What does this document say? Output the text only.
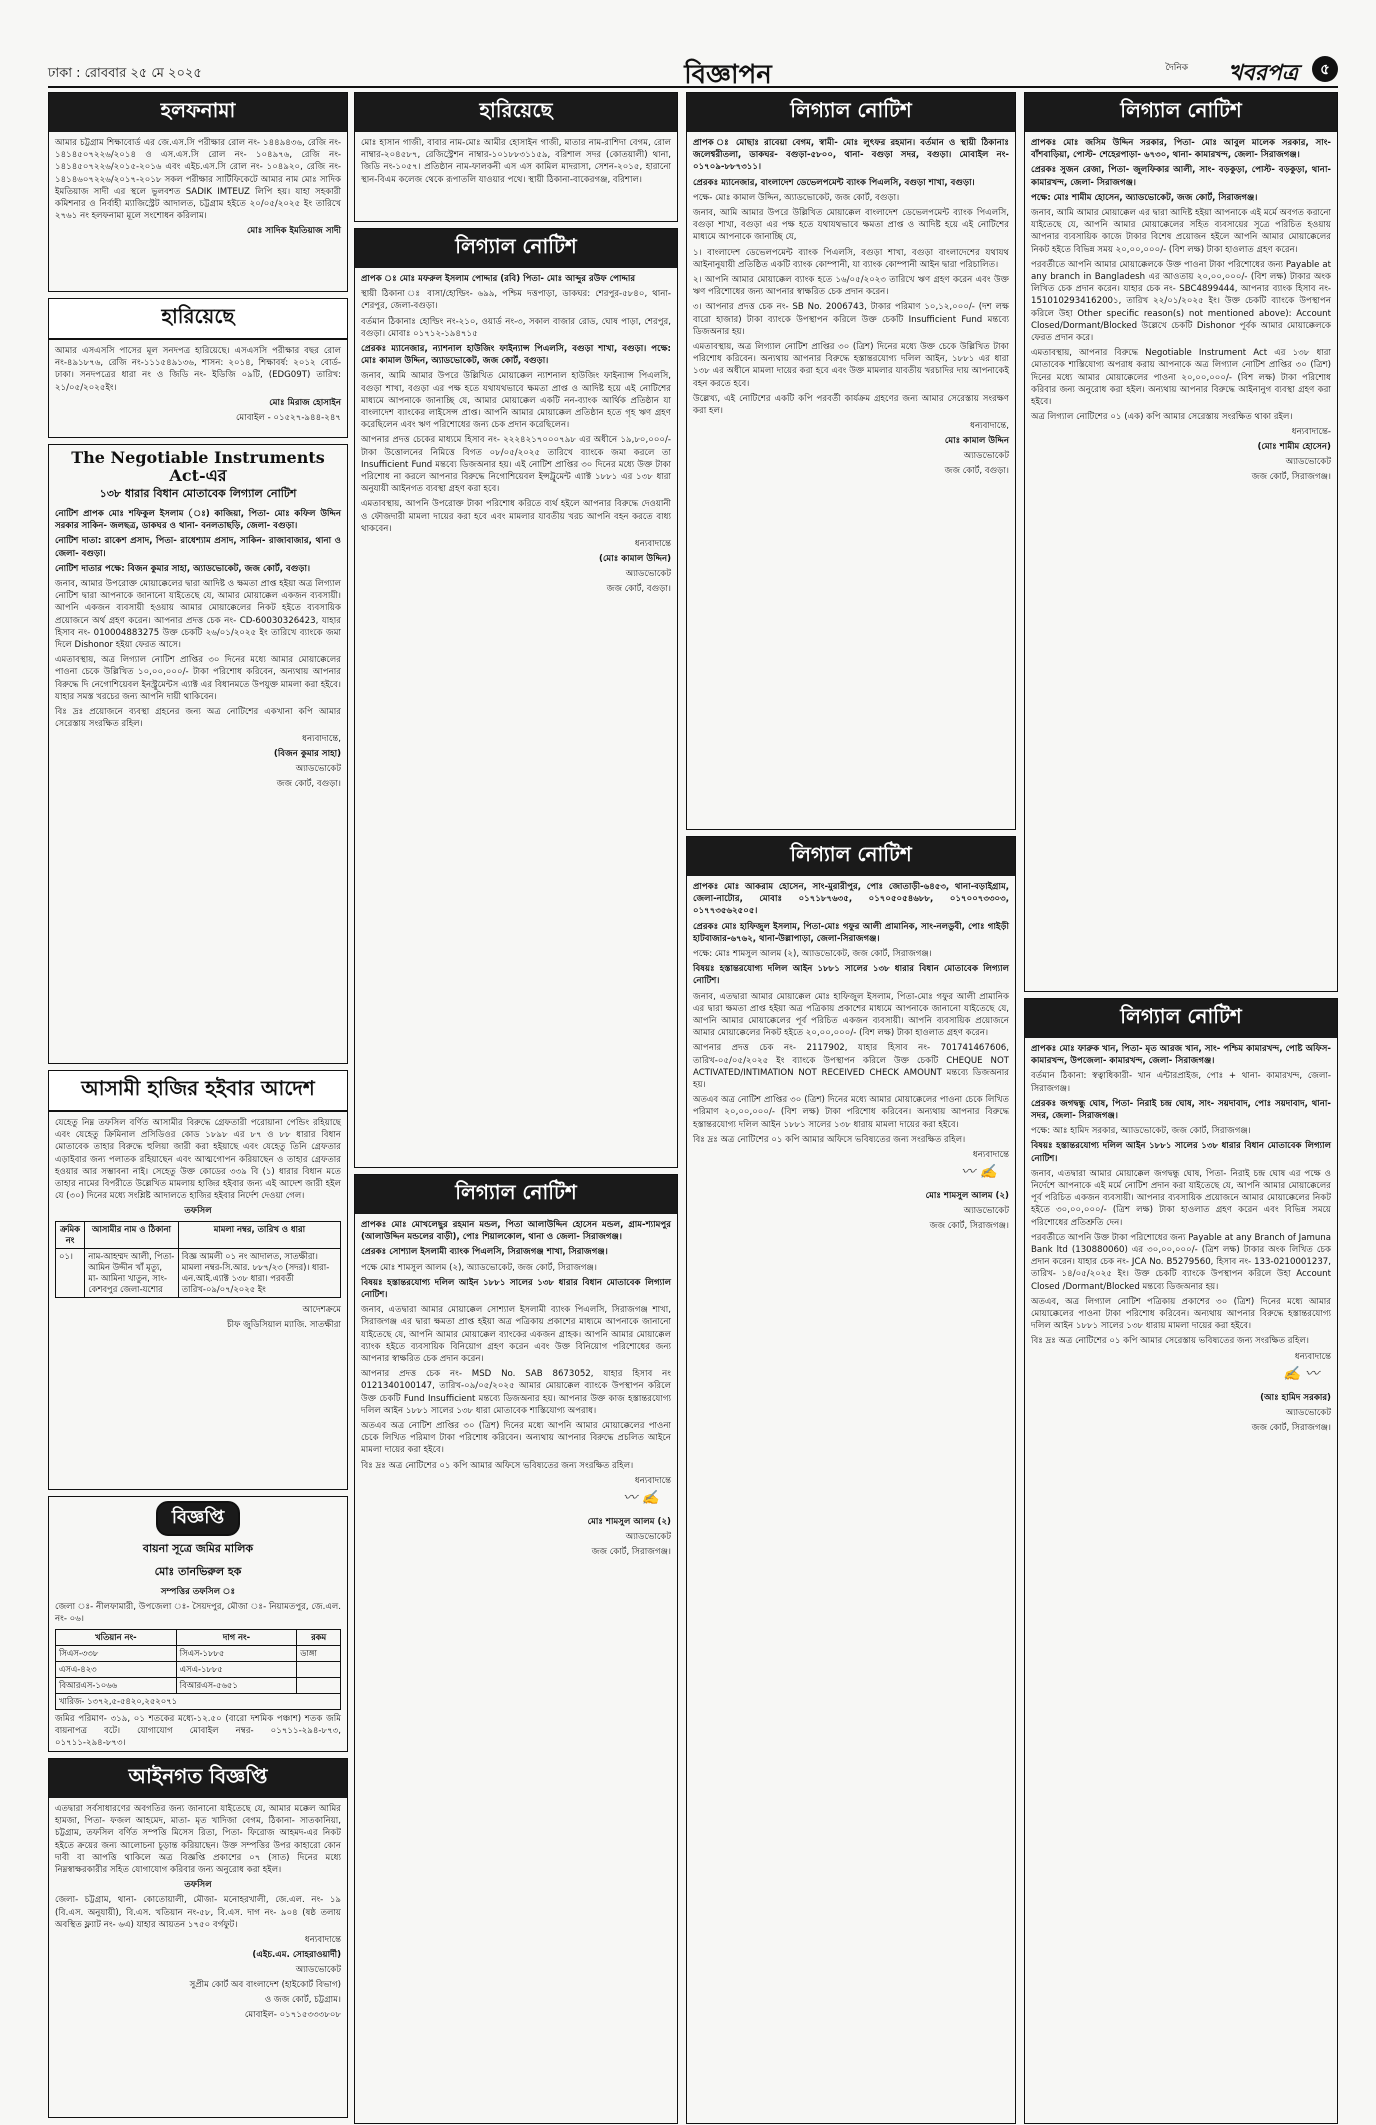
ঢাকা : রোববার ২৫ মে ২০২৫	বিজ্ঞাপন	দৈনিক খবরপত্র	৫
হলফনামা
আমার চট্টগ্রাম শিক্ষাবোর্ড এর জে.এস.সি পরীক্ষার রোল নং- ১৪৪৯৪৩৬, রেজি নং- ১৪১৪৫০৭২২৬/২০১৪ ও এস.এস.সি রোল নং- ১০৪৯৭৬, রেজি নং- ১৪১৪৫০৭২২৬/২০১৫-২০১৬ এবং এইচ.এস.সি রোল নং- ১০৪৯২০, রেজি নং- ১৪১৪৬০৭২২৬/২০১৭-২০১৮ সকল পরীক্ষার সার্টিফিকেটে আমার নাম মোঃ সাদিক ইমতিয়াজ সাদী এর স্থলে ভুলবশত SADIK IMTEUZ লিপি হয়। যাহা সহকারী কমিশনার ও নির্বাহী ম্যাজিস্ট্রেট আদালত, চট্টগ্রাম হইতে ২০/০৫/২০২৫ ইং তারিখে ২৭৬১ নং হলফনামা মূলে সংশোধন করিলাম।
মোঃ সাদিক ইমতিয়াজ সাদী
হারিয়েছে
আমার এসএসসি পাসের মূল সনদপত্র হারিয়েছে। এসএসসি পরীক্ষার বছর রোল নং-৪৯১৮৭৬, রেজি নং-১১১৫৪৯১৩৬, শাসন: ২০১৪, শিক্ষাবর্ষ: ২০১২ বোর্ড- ঢাকা। সনদপত্রের ধারা নং ও জিডি নং- ইডিজি ০৯টি, (EDG09T) তারিখ: ২১/০৫/২০২৫ইং।
মোঃ মিরাজ হোসাইন
মোবাইল - ০১৫২৭-৯৪৪-২৪৭
The Negotiable Instruments Act-এর
১৩৮ ধারার বিধান মোতাবেক লিগ্যাল নোটিশ
নোটিশ প্রাপক মোঃ শফিকুল ইসলাম (ঃ) কাজিয়া, পিতা- মোঃ কফিল উদ্দিন সরকার সাকিন- জলছত্র, ডাকঘর ও থানা- বনলতাছড়ি, জেলা- বগুড়া।
নোটিশ দাতা: রাকেশ প্রসাদ, পিতা- রাধেশ্যাম প্রসাদ, সাকিন- রাজাবাজার, থানা ও জেলা- বগুড়া।
নোটিশ দাতার পক্ষে: বিজন কুমার সাহা, অ্যাডভোকেট, জজ কোর্ট, বগুড়া।
জনাব, আমার উপরোক্ত মোয়াক্কেলের দ্বারা আদিষ্ট ও ক্ষমতা প্রাপ্ত হইয়া অত্র লিগ্যাল নোটিশ দ্বারা আপনাকে জানানো যাইতেছে যে, আমার মোয়াক্কেল একজন ব্যবসায়ী। আপনি একজন ব্যবসায়ী হওয়ায় আমার মোয়াক্কেলের নিকট হইতে ব্যবসায়িক প্রয়োজনে অর্থ গ্রহণ করেন। আপনার প্রদত্ত চেক নং- CD-60030326423, যাহার হিসাব নং- 010004883275 উক্ত চেকটি ২৬/০১/২০২৫ ইং তারিখে ব্যাংকে জমা দিলে Dishonor হইয়া ফেরত আসে।
এমতাবস্থায়, অত্র লিগ্যাল নোটিশ প্রাপ্তির ৩০ দিনের মধ্যে আমার মোয়াক্কেলের পাওনা চেকে উল্লিখিত ১০,০০,০০০/- টাকা পরিশোধ করিবেন, অন্যথায় আপনার বিরুদ্ধে দি নেগোশিয়েবল ইনস্ট্রুমেন্টস এ্যাক্ট এর বিধানমতে উপযুক্ত মামলা করা হইবে। যাহার সমস্ত খরচের জন্য আপনি দায়ী থাকিবেন।
বিঃ দ্রঃ প্রয়োজনে ব্যবস্থা গ্রহনের জন্য অত্র নোটিশের একখানা কপি আমার সেরেস্তায় সংরক্ষিত রহিল।
ধন্যবাদান্তে,
(বিজন কুমার সাহা)
অ্যাডভোকেট
জজ কোর্ট, বগুড়া।
আসামী হাজির হইবার আদেশ
যেহেতু নিম্ন তফসিল বর্ণিত আসামীর বিরুদ্ধে গ্রেফতারী পরোয়ানা পেন্ডিং রহিয়াছে এবং যেহেতু ক্রিমিনাল প্রসিডিওর কোড ১৮৯৮ এর ৮৭ ও ৮৮ ধারার বিধান মোতাবেক তাহার বিরুদ্ধে হুলিয়া জারী করা হইয়াছে এবং যেহেতু তিনি গ্রেফতার এড়াইবার জন্য পলাতক রহিয়াছেন এবং আত্মগোপন করিয়াছেন ও তাহার গ্রেফতার হওয়ার আর সম্ভাবনা নাই। সেহেতু উক্ত কোডের ৩৩৯ বি (১) ধারার বিধান মতে তাহার নামের বিপরীতে উল্লেখিত মামলায় হাজির হইবার জন্য এই আদেশ জারী হইল যে (৩০) দিনের মধ্যে সংশ্লিষ্ট আদালতে হাজির হইবার নির্দেশ দেওয়া গেল।
তফসিল
ক্রমিক নং	আসামীর নাম ও ঠিকানা	মামলা নম্বর, তারিখ ও ধারা
০১।	নাম-আহম্মদ আলী, পিতা- আমিন উদ্দীন খাঁ মৃত্যু, মা- আমিনা খাতুন, সাং-কেশবপুর জেলা-যশোর	বিজ্ঞ আমলী ০১ নং আদালত, সাতক্ষীরা। মামলা নম্বর-সি.আর. ৮৮৭/২৩ (সদর)। ধারা- এন.আই.এ্যাক্ট ১৩৮ ধারা। পরবর্তী তারিখ-০৯/০৭/২০২৫ ইং
আদেশক্রমে
চীফ জুডিসিয়াল ম্যাজি. সাতক্ষীরা
বিজ্ঞপ্তি
বায়না সূত্রে জমির মালিক
মোঃ তানভিরুল হক
সম্পত্তির তফসিল ঃ
জেলা ঃ- নীলফামারী, উপজেলা ঃ- সৈয়দপুর, মৌজা ঃ- নিয়ামতপুর, জে.এল. নং- ০৬।
খতিয়ান নং-	দাগ নং-	রকম
সিএস-৩৩৮	সিএস-১৮৮৫	ডাঙ্গা
এসএ-৪২৩	এসএ-১৮৮৫	
বিআরএস-১০৬৬	বিআরএস-৫৬৫১	
খারিজ- ১৩৭২,৫-৫৪২০,২৫২০৭১		
জমির পরিমাণ- ৩১৯, ০১ শতকের মধ্যে-১২.৫০ (বারো দশমিক পঞ্চাশ) শতক জমি বায়নাপত্র বটে। যোগাযোগ মোবাইল নম্বর- ০১৭১১-২৯৪-৮৭৩, ০১৭১১-২৯৪-৮৭৩।
আইনগত বিজ্ঞপ্তি
এতদ্বারা সর্বসাধারণের অবগতির জন্য জানানো যাইতেছে যে, আমার মক্কেল আমির হামজা, পিতা- ফজল আহমেদ, মাতা- মৃত খাদিজা বেগম, ঠিকানা- সাতকানিয়া, চট্টগ্রাম, তফসিল বর্ণিত সম্পত্তি মিসেস রিতা, পিতা- ফিরোজ আহমদ-এর নিকট হইতে ক্রয়ের জন্য আলোচনা চূড়ান্ত করিয়াছেন। উক্ত সম্পত্তির উপর কাহারো কোন দাবী বা আপত্তি থাকিলে অত্র বিজ্ঞপ্তি প্রকাশের ০৭ (সাত) দিনের মধ্যে নিম্নস্বাক্ষরকারীর সহিত যোগাযোগ করিবার জন্য অনুরোধ করা হইল।
তফসিল
জেলা- চট্টগ্রাম, থানা- কোতোয়ালী, মৌজা- মনোহরখালী, জে.এল. নং- ১৯ (বি.এস. অনুযায়ী), বি.এস. খতিয়ান নং-৫৮, বি.এস. দাগ নং- ৯০৪ (ষষ্ঠ তলায় অবস্থিত ফ্ল্যাট নং- ৬এ) যাহার আয়তন ১৭৫০ বর্গফুট।
ধন্যবাদান্তে
(এইচ.এম. সোহরাওয়ার্দী)
অ্যাডভোকেট
সুপ্রীম কোর্ট অব বাংলাদেশ (হাইকোর্ট বিভাগ)
ও জজ কোর্ট, চট্টগ্রাম।
মোবাইল- ০১৭১৫৩৩৩৮০৮
হারিয়েছে
মোঃ হাসান গাজী, বাবার নাম-মোঃ আমীর হোসাইন গাজী, মাতার নাম-রাশিদা বেগম, রোল নাম্বার-২০৪৫৮৭, রেজিস্ট্রেশন নাম্বার-১০১৮৮৩১১৫৯, বরিশাল সদর (কোতয়ালী) থানা, জিডি নং-১০৫৭। প্রতিষ্ঠান নাম-ফালকনী এস এস কামিল মাদরাসা, সেশন-২০১৫, হারানো স্থান-বিএম কলেজ থেকে রূপাতলি যাওয়ার পথে। স্থায়ী ঠিকানা-বাকেরগঞ্জ, বরিশাল।
লিগ্যাল নোটিশ
প্রাপক ঃ মোঃ মফরুল ইসলাম পোদ্দার (রবি) পিতা- মোঃ আব্দুর রউফ পোদ্দার
স্থায়ী ঠিকানা ঃ বাসা/হোল্ডিং- ৬৯৯, পশ্চিম দত্তপাড়া, ডাকঘর: শেরপুর-৫৮৪০, থানা-শেরপুর, জেলা-বগুড়া।
বর্তমান ঠিকানাঃ হোল্ডিং নং-২১০, ওয়ার্ড নং-৩, সকাল বাজার রোড, ঘোষ পাড়া, শেরপুর, বগুড়া। মোবাঃ ০১৭১২-১৯৪৭১৫
প্রেরকঃ ম্যানেজার, ন্যাশনাল হাউজিং ফাইন্যান্স পিএলসি, বগুড়া শাখা, বগুড়া। পক্ষে: মোঃ কামাল উদ্দিন, অ্যাডভোকেট, জজ কোর্ট, বগুড়া।
জনাব, আমি আমার উপরে উল্লিখিত মোয়াক্কেল ন্যাশনাল হাউজিং ফাইন্যান্স পিএলসি, বগুড়া শাখা, বগুড়া এর পক্ষ হতে যথাযথভাবে ক্ষমতা প্রাপ্ত ও আদিষ্ট হয়ে এই নোটিশের মাধ্যমে আপনাকে জানাচ্ছি যে, আমার মোয়াক্কেল একটি নন-ব্যাংক আর্থিক প্রতিষ্ঠান যা বাংলাদেশ ব্যাংকের লাইসেন্স প্রাপ্ত। আপনি আমার মোয়াক্কেল প্রতিষ্ঠান হতে গৃহ ঋণ গ্রহণ করেছিলেন এবং ঋণ পরিশোধের জন্য চেক প্রদান করেছিলেন।
আপনার প্রদত্ত চেকের মাধ্যমে হিসাব নং- ২২২৪২১৭০০০৭৯৮ এর অধীনে ১৯,৮০,০০০/- টাকা উত্তোলনের নিমিত্তে বিগত ০৮/০৫/২০২৫ তারিখে ব্যাংকে জমা করলে তা Insufficient Fund মন্তব্যে ডিজঅনার হয়। এই নোটিশ প্রাপ্তির ৩০ দিনের মধ্যে উক্ত টাকা পরিশোধ না করলে আপনার বিরুদ্ধে নিগোশিয়েবল ইন্সট্রুমেন্ট এ্যাক্ট ১৮৮১ এর ১৩৮ ধারা অনুযায়ী আইনগত ব্যবস্থা গ্রহণ করা হবে।
এমতাবস্থায়, আপনি উপরোক্ত টাকা পরিশোধ করিতে ব্যর্থ হইলে আপনার বিরুদ্ধে দেওয়ানী ও ফৌজদারী মামলা দায়ের করা হবে এবং মামলার যাবতীয় খরচ আপনি বহন করতে বাধ্য থাকবেন।
ধন্যবাদান্তে
(মোঃ কামাল উদ্দিন)
অ্যাডভোকেট
জজ কোর্ট, বগুড়া।
লিগ্যাল নোটিশ
প্রাপকঃ মোঃ মোখলেছুর রহমান মন্ডল, পিতা আলাউদ্দিন হোসেন মন্ডল, গ্রাম-শ্যামপুর (আলাউদ্দিন মন্ডলের বাড়ী), পোঃ শিয়ালকোল, থানা ও জেলা- সিরাজগঞ্জ।
প্রেরকঃ সোশ্যাল ইসলামী ব্যাংক পিএলসি, সিরাজগঞ্জ শাখা, সিরাজগঞ্জ।
পক্ষে মোঃ শামসুল আলম (২), অ্যাডভোকেট, জজ কোর্ট, সিরাজগঞ্জ।
বিষয়ঃ হস্তান্তরযোগ্য দলিল আইন ১৮৮১ সালের ১৩৮ ধারার বিধান মোতাবেক লিগ্যাল নোটিশ।
জনাব, এতদ্বারা আমার মোয়াক্কেল সোশ্যাল ইসলামী ব্যাংক পিএলসি, সিরাজগঞ্জ শাখা, সিরাজগঞ্জ এর দ্বারা ক্ষমতা প্রাপ্ত হইয়া অত্র পত্রিকায় প্রকাশের মাধ্যমে আপনাকে জানানো যাইতেছে যে, আপনি আমার মোয়াক্কেল ব্যাংকের একজন গ্রাহক। আপনি আমার মোয়াক্কেল ব্যাংক হইতে ব্যবসায়িক বিনিয়োগ গ্রহণ করেন এবং উক্ত বিনিয়োগ পরিশোধের জন্য আপনার স্বাক্ষরিত চেক প্রদান করেন।
আপনার প্রদত্ত চেক নং- MSD No. SAB 8673052, যাহার হিসাব নং 0121340100147, তারিখ-০৯/০৫/২০২৫ আমার মোয়াক্কেল ব্যাংকে উপস্থাপন করিলে উক্ত চেকটি Fund Insufficient মন্তব্যে ডিজঅনার হয়। আপনার উক্ত কাজ হস্তান্তরযোগ্য দলিল আইন ১৮৮১ সালের ১৩৮ ধারা মোতাবেক শাস্তিযোগ্য অপরাধ।
অতএব অত্র নোটিশ প্রাপ্তির ৩০ (ত্রিশ) দিনের মধ্যে আপনি আমার মোয়াক্কেলের পাওনা চেকে লিখিত পরিমাণ টাকা পরিশোধ করিবেন। অন্যথায় আপনার বিরুদ্ধে প্রচলিত আইনে মামলা দায়ের করা হইবে।
বিঃ দ্রঃ অত্র নোটিশের ০১ কপি আমার অফিসে ভবিষ্যতের জন্য সংরক্ষিত রহিল।
ধন্যবাদান্তে
〰︎ ✍
মোঃ শামসুল আলম (২)
অ্যাডভোকেট
জজ কোর্ট, সিরাজগঞ্জ।
লিগ্যাল নোটিশ
প্রাপক ঃ মোছাঃ রাবেয়া বেগম, স্বামী- মোঃ লুৎফর রহমান। বর্তমান ও স্থায়ী ঠিকানাঃ জলেশ্বরীতলা, ডাকঘর- বগুড়া-৫৮০০, থানা- বগুড়া সদর, বগুড়া। মোবাইল নং- ০১৭০৯-৮৮৭৩১১।
প্রেরকঃ ম্যানেজার, বাংলাদেশ ডেভেলপমেন্ট ব্যাংক পিএলসি, বগুড়া শাখা, বগুড়া।
পক্ষে- মোঃ কামাল উদ্দিন, অ্যাডভোকেট, জজ কোর্ট, বগুড়া।
জনাব, আমি আমার উপরে উল্লিখিত মোয়াক্কেল বাংলাদেশ ডেভেলপমেন্ট ব্যাংক পিএলসি, বগুড়া শাখা, বগুড়া এর পক্ষ হতে যথাযথভাবে ক্ষমতা প্রাপ্ত ও আদিষ্ট হয়ে এই নোটিশের মাধ্যমে আপনাকে জানাচ্ছি যে,
১। বাংলাদেশ ডেভেলপমেন্ট ব্যাংক পিএলসি, বগুড়া শাখা, বগুড়া বাংলাদেশের যথাযথ আইনানুযায়ী প্রতিষ্ঠিত একটি ব্যাংক কোম্পানী, যা ব্যাংক কোম্পানী আইন দ্বারা পরিচালিত।
২। আপনি আমার মোয়াক্কেল ব্যাংক হতে ১৬/০৫/২০২৩ তারিখে ঋণ গ্রহণ করেন এবং উক্ত ঋণ পরিশোধের জন্য আপনার স্বাক্ষরিত চেক প্রদান করেন।
৩। আপনার প্রদত্ত চেক নং- SB No. 2006743, টাকার পরিমাণ ১০,১২,০০০/- (দশ লক্ষ বারো হাজার) টাকা ব্যাংকে উপস্থাপন করিলে উক্ত চেকটি Insufficient Fund মন্তব্যে ডিজঅনার হয়।
এমতাবস্থায়, অত্র লিগ্যাল নোটিশ প্রাপ্তির ৩০ (ত্রিশ) দিনের মধ্যে উক্ত চেকে উল্লিখিত টাকা পরিশোধ করিবেন। অন্যথায় আপনার বিরুদ্ধে হস্তান্তরযোগ্য দলিল আইন, ১৮৮১ এর ধারা ১৩৮ এর অধীনে মামলা দায়ের করা হবে এবং উক্ত মামলার যাবতীয় খরচাদির দায় আপনাকেই বহন করতে হবে।
উল্লেখ্য, এই নোটিশের একটি কপি পরবর্তী কার্যক্রম গ্রহণের জন্য আমার সেরেস্তায় সংরক্ষণ করা হল।
ধন্যবাদান্তে,
মোঃ কামাল উদ্দিন
অ্যাডভোকেট
জজ কোর্ট, বগুড়া।
লিগ্যাল নোটিশ
প্রাপকঃ মোঃ আকরাম হোসেন, সাং-মুরারীপুর, পোঃ জোতাড়ী-৬৪৫৩, থানা-বড়াইগ্রাম, জেলা-নাটোর, মোবাঃ ০১৭১৮৭৬৩৫, ০১৭০৫০৫৪৬৮৮, ০১৭০০৭৩৩০৩, ০১৭৭৩৫৬২৫০৫।
প্রেরকঃ মোঃ হাফিজুল ইসলাম, পিতা-মোঃ গফুর আলী প্রামানিক, সাং-নলডুবী, পোঃ গাইড়ী হাটবাজার-৬৭৬২, থানা-উল্লাপাড়া, জেলা-সিরাজগঞ্জ।
পক্ষে: মোঃ শামসুল আলম (২), অ্যাডভোকেট, জজ কোর্ট, সিরাজগঞ্জ।
বিষয়ঃ হস্তান্তরযোগ্য দলিল আইন ১৮৮১ সালের ১৩৮ ধারার বিধান মোতাবেক লিগ্যাল নোটিশ।
জনাব, এতদ্বারা আমার মোয়াক্কেল মোঃ হাফিজুল ইসলাম, পিতা-মোঃ গফুর আলী প্রামানিক এর দ্বারা ক্ষমতা প্রাপ্ত হইয়া অত্র পত্রিকায় প্রকাশের মাধ্যমে আপনাকে জানানো যাইতেছে যে, আপনি আমার মোয়াক্কেলের পূর্ব পরিচিত একজন ব্যবসায়ী। আপনি ব্যবসায়িক প্রয়োজনে আমার মোয়াক্কেলের নিকট হইতে ২০,০০,০০০/- (বিশ লক্ষ) টাকা হাওলাত গ্রহণ করেন।
আপনার প্রদত্ত চেক নং- 2117902, যাহার হিসাব নং- 701741467606, তারিখ-০৫/০৫/২০২৫ ইং ব্যাংকে উপস্থাপন করিলে উক্ত চেকটি CHEQUE NOT ACTIVATED/INTIMATION NOT RECEIVED CHECK AMOUNT মন্তব্যে ডিজঅনার হয়।
অতএব অত্র নোটিশ প্রাপ্তির ৩০ (ত্রিশ) দিনের মধ্যে আমার মোয়াক্কেলের পাওনা চেকে লিখিত পরিমাণ ২০,০০,০০০/- (বিশ লক্ষ) টাকা পরিশোধ করিবেন। অন্যথায় আপনার বিরুদ্ধে হস্তান্তরযোগ্য দলিল আইন ১৮৮১ সালের ১৩৮ ধারায় মামলা দায়ের করা হইবে।
বিঃ দ্রঃ অত্র নোটিশের ০১ কপি আমার অফিসে ভবিষ্যতের জন্য সংরক্ষিত রহিল।
ধন্যবাদান্তে
〰︎ ✍
মোঃ শামসুল আলম (২)
অ্যাডভোকেট
জজ কোর্ট, সিরাজগঞ্জ।
লিগ্যাল নোটিশ
প্রাপকঃ মোঃ জসিম উদ্দিন সরকার, পিতা- মোঃ আবুল মালেক সরকার, সাং- বাঁশবাড়িয়া, পোস্ট- শেহেরপাড়া- ৬৭৩০, থানা- কামারখন্দ, জেলা- সিরাজগঞ্জ।
প্রেরকঃ সুজন রেজা, পিতা- জুলফিকার আলী, সাং- বড়কুড়া, পোস্ট- বড়কুড়া, থানা- কামারখন্দ, জেলা- সিরাজগঞ্জ।
পক্ষে: মোঃ শামীম হোসেন, অ্যাডভোকেট, জজ কোর্ট, সিরাজগঞ্জ।
জনাব, আমি আমার মোয়াক্কেল এর দ্বারা আদিষ্ট হইয়া আপনাকে এই মর্মে অবগত করানো যাইতেছে যে, আপনি আমার মোয়াক্কেলের সহিত ব্যবসায়ের সূত্রে পরিচিত হওয়ায় আপনার ব্যবসায়িক কাজে টাকার বিশেষ প্রয়োজন হইলে আপনি আমার মোয়াক্কেলের নিকট হইতে বিভিন্ন সময় ২০,০০,০০০/- (বিশ লক্ষ) টাকা হাওলাত গ্রহণ করেন।
পরবর্তীতে আপনি আমার মোয়াক্কেলকে উক্ত পাওনা টাকা পরিশোধের জন্য Payable at any branch in Bangladesh এর আওতায় ২০,০০,০০০/- (বিশ লক্ষ) টাকার অংক লিখিত চেক প্রদান করেন। যাহার চেক নং- SBC4899444, আপনার ব্যাংক হিসাব নং- 151010293416200১, তারিখ ২২/০১/২০২৫ ইং। উক্ত চেকটি ব্যাংকে উপস্থাপন করিলে উহা Other specific reason(s) not mentioned above): Account Closed/Dormant/Blocked উল্লেখে চেকটি Dishonor পূর্বক আমার মোয়াক্কেলকে ফেরত প্রদান করে।
এমতাবস্থায়, আপনার বিরুদ্ধে Negotiable Instrument Act এর ১৩৮ ধারা মোতাবেক শাস্তিযোগ্য অপরাধ করায় আপনাকে অত্র লিগ্যাল নোটিশ প্রাপ্তির ৩০ (ত্রিশ) দিনের মধ্যে আমার মোয়াক্কেলের পাওনা ২০,০০,০০০/- (বিশ লক্ষ) টাকা পরিশোধ করিবার জন্য অনুরোধ করা হইল। অন্যথায় আপনার বিরুদ্ধে আইনানুগ ব্যবস্থা গ্রহণ করা হইবে।
অত্র লিগ্যাল নোটিশের ০১ (এক) কপি আমার সেরেস্তায় সংরক্ষিত থাকা রইল।
ধন্যবাদান্তে-
(মোঃ শামীম হোসেন)
অ্যাডভোকেট
জজ কোর্ট, সিরাজগঞ্জ।
লিগ্যাল নোটিশ
প্রাপকঃ মোঃ ফারুক খান, পিতা- মৃত আরজ খান, সাং- পশ্চিম কামারখন্দ, পোষ্ট অফিস- কামারখন্দ, উপজেলা- কামারখন্দ, জেলা- সিরাজগঞ্জ।
বর্তমান ঠিকানা: স্বত্বাধিকারী- খান এন্টারপ্রাইজ, পোঃ + থানা- কামারখন্দ, জেলা- সিরাজগঞ্জ।
প্রেরকঃ জগদ্বন্ধু ঘোষ, পিতা- নিরাই চন্দ্র ঘোষ, সাং- সয়দাবাদ, পোঃ সয়দাবাদ, থানা-সদর, জেলা- সিরাজগঞ্জ।
পক্ষে: আঃ হামিদ সরকার, অ্যাডভোকেট, জজ কোর্ট, সিরাজগঞ্জ।
বিষয়ঃ হস্তান্তরযোগ্য দলিল আইন ১৮৮১ সালের ১৩৮ ধারার বিধান মোতাবেক লিগ্যাল নোটিশ।
জনাব, এতদ্বারা আমার মোয়াক্কেল জগদ্বন্ধু ঘোষ, পিতা- নিরাই চন্দ্র ঘোষ এর পক্ষে ও নির্দেশে আপনাকে এই মর্মে নোটিশ প্রদান করা যাইতেছে যে, আপনি আমার মোয়াক্কেলের পূর্ব পরিচিত একজন ব্যবসায়ী। আপনার ব্যবসায়িক প্রয়োজনে আমার মোয়াক্কেলের নিকট হইতে ৩০,০০,০০০/- (ত্রিশ লক্ষ) টাকা হাওলাত গ্রহণ করেন এবং বিভিন্ন সময়ে পরিশোধের প্রতিশ্রুতি দেন।
পরবর্তীতে আপনি উক্ত টাকা পরিশোধের জন্য Payable at any Branch of Jamuna Bank ltd (130880060) এর ৩০,০০,০০০/- (ত্রিশ লক্ষ) টাকার অংক লিখিত চেক প্রদান করেন। যাহার চেক নং- JCA No. B5279560, হিসাব নং- 133-0210001237, তারিখ- ১৪/০৫/২০২৫ ইং। উক্ত চেকটি ব্যাংকে উপস্থাপন করিলে উহা Account Closed /Dormant/Blocked মন্তব্যে ডিজঅনার হয়।
অতএব, অত্র লিগ্যাল নোটিশ পত্রিকায় প্রকাশের ৩০ (ত্রিশ) দিনের মধ্যে আমার মোয়াক্কেলের পাওনা টাকা পরিশোধ করিবেন। অন্যথায় আপনার বিরুদ্ধে হস্তান্তরযোগ্য দলিল আইন ১৮৮১ সালের ১৩৮ ধারায় মামলা দায়ের করা হইবে।
বিঃ দ্রঃ অত্র নোটিশের ০১ কপি আমার সেরেস্তায় ভবিষ্যতের জন্য সংরক্ষিত রহিল।
ধন্যবাদান্তে
✍ 〰︎
(আঃ হামিদ সরকার)
অ্যাডভোকেট
জজ কোর্ট, সিরাজগঞ্জ।
